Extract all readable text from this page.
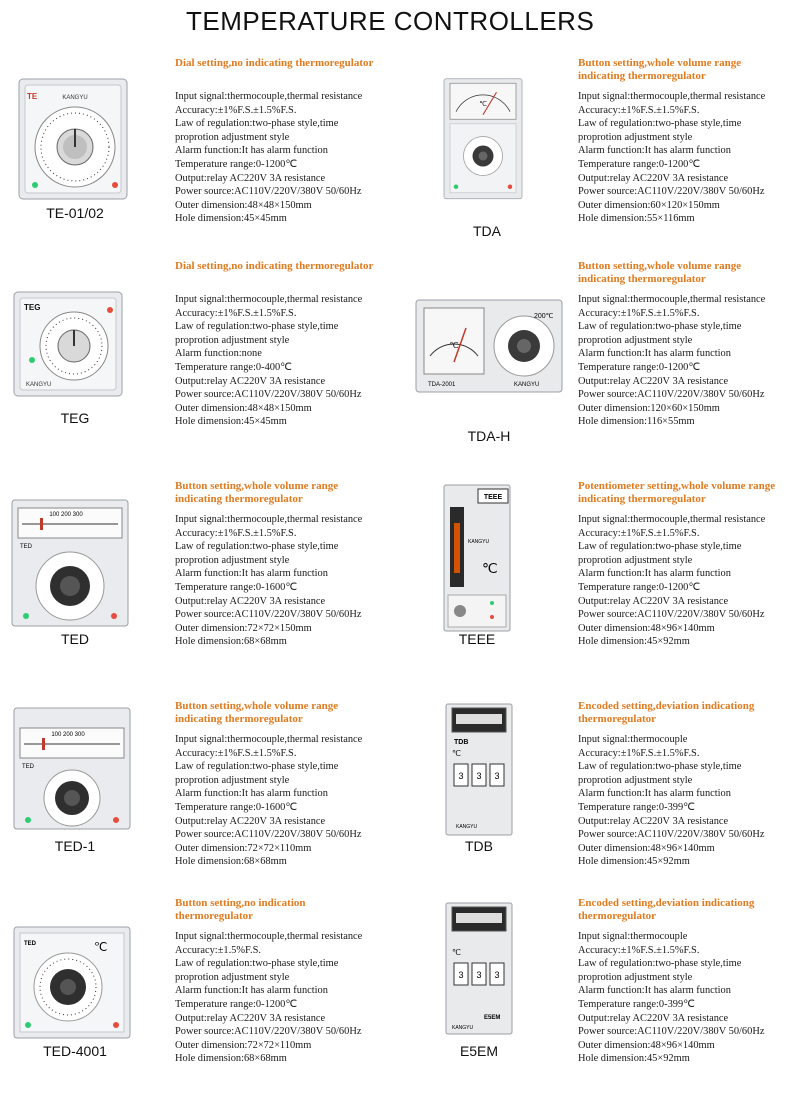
TEMPERATURE CONTROLLERS
TE	KANGYU
TE-01/02
Dial setting,no indicating thermoregulator
Input signal:thermocouple,thermal resistance
Accuracy:±1%F.S.±1.5%F.S.
Law of regulation:two-phase style,time
proprotion adjustment style
Alarm function:It has alarm function
Temperature range:0-1200℃
Output:relay AC220V 3A resistance
Power source:AC110V/220V/380V 50/60Hz
Outer dimension:48×48×150mm
Hole dimension:45×45mm
℃
TDA
Button setting,whole volume range indicating thermoregulator
Input signal:thermocouple,thermal resistance
Accuracy:±1%F.S.±1.5%F.S.
Law of regulation:two-phase style,time
proprotion adjustment style
Alarm function:It has alarm function
Temperature range:0-1200℃
Output:relay AC220V 3A resistance
Power source:AC110V/220V/380V 50/60Hz
Outer dimension:60×120×150mm
Hole dimension:55×116mm
TEG
KANGYU
TEG
Dial setting,no indicating thermoregulator
Input signal:thermocouple,thermal resistance
Accuracy:±1%F.S.±1.5%F.S.
Law of regulation:two-phase style,time
proprotion adjustment style
Alarm function:none
Temperature range:0-400℃
Output:relay AC220V 3A resistance
Power source:AC110V/220V/380V 50/60Hz
Outer dimension:48×48×150mm
Hole dimension:45×45mm
℃
200℃
TDA-2001	KANGYU
TDA-H
Button setting,whole volume range indicating thermoregulator
Input signal:thermocouple,thermal resistance
Accuracy:±1%F.S.±1.5%F.S.
Law of regulation:two-phase style,time
proprotion adjustment style
Alarm function:It has alarm function
Temperature range:0-1200℃
Output:relay AC220V 3A resistance
Power source:AC110V/220V/380V 50/60Hz
Outer dimension:120×60×150mm
Hole dimension:116×55mm
100 200 300
TED
TED
Button setting,whole volume range indicating thermoregulator
Input signal:thermocouple,thermal resistance
Accuracy:±1%F.S.±1.5%F.S.
Law of regulation:two-phase style,time
proprotion adjustment style
Alarm function:It has alarm function
Temperature range:0-1600℃
Output:relay AC220V 3A resistance
Power source:AC110V/220V/380V 50/60Hz
Outer dimension:72×72×150mm
Hole dimension:68×68mm
TEEE
℃
KANGYU
TEEE
Potentiometer setting,whole volume range indicating thermoregulator
Input signal:thermocouple,thermal resistance
Accuracy:±1%F.S.±1.5%F.S.
Law of regulation:two-phase style,time
proprotion adjustment style
Alarm function:It has alarm function
Temperature range:0-1200℃
Output:relay AC220V 3A resistance
Power source:AC110V/220V/380V 50/60Hz
Outer dimension:48×96×140mm
Hole dimension:45×92mm
100 200 300
TED
TED-1
Button setting,whole volume range indicating thermoregulator
Input signal:thermocouple,thermal resistance
Accuracy:±1%F.S.±1.5%F.S.
Law of regulation:two-phase style,time
proprotion adjustment style
Alarm function:It has alarm function
Temperature range:0-1600℃
Output:relay AC220V 3A resistance
Power source:AC110V/220V/380V 50/60Hz
Outer dimension:72×72×110mm
Hole dimension:68×68mm
TDB
℃
3 3 3
KANGYU
TDB
Encoded setting,deviation indicationg thermoregulator
Input signal:thermocouple
Accuracy:±1%F.S.±1.5%F.S.
Law of regulation:two-phase style,time
proprotion adjustment style
Alarm function:It has alarm function
Temperature range:0-399℃
Output:relay AC220V 3A resistance
Power source:AC110V/220V/380V 50/60Hz
Outer dimension:48×96×140mm
Hole dimension:45×92mm
TED	℃
TED-4001
Button setting,no indication thermoregulator
Input signal:thermocouple,thermal resistance
Accuracy:±1.5%F.S.
Law of regulation:two-phase style,time
proprotion adjustment style
Alarm function:It has alarm function
Temperature range:0-1200℃
Output:relay AC220V 3A resistance
Power source:AC110V/220V/380V 50/60Hz
Outer dimension:72×72×110mm
Hole dimension:68×68mm
℃
3 3 3
E5EM
KANGYU
E5EM
Encoded setting,deviation indicationg thermoregulator
Input signal:thermocouple
Accuracy:±1%F.S.±1.5%F.S.
Law of regulation:two-phase style,time
proprotion adjustment style
Alarm function:It has alarm function
Temperature range:0-399℃
Output:relay AC220V 3A resistance
Power source:AC110V/220V/380V 50/60Hz
Outer dimension:48×96×140mm
Hole dimension:45×92mm
